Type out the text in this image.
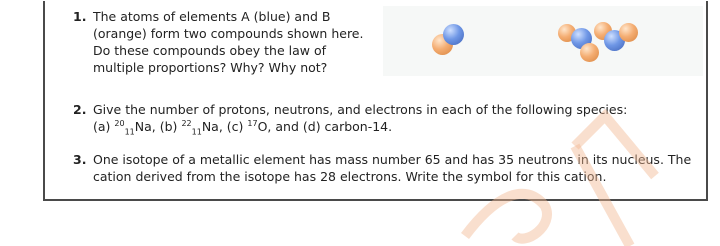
1. The atoms of elements A (blue) and B
(orange) form two compounds shown here.
Do these compounds obey the law of
multiple proportions? Why? Why not?
2. Give the number of protons, neutrons, and electrons in each of the following species:
(a) $^{20}_{11}$Na, (b) $^{22}_{11}$Na, (c) $^{17}$O, and (d) carbon-14.
3. One isotope of a metallic element has mass number 65 and has 35 neutrons in its nucleus. The
cation derived from the isotope has 28 electrons. Write the symbol for this cation.
